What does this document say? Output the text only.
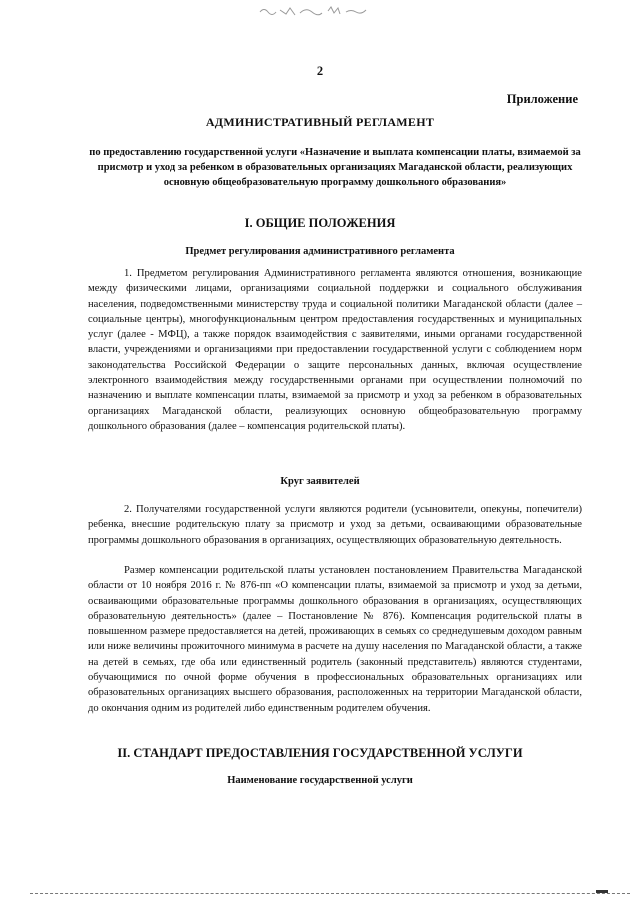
2
Приложение
АДМИНИСТРАТИВНЫЙ РЕГЛАМЕНТ
по предоставлению государственной услуги «Назначение и выплата компенсации платы, взимаемой за присмотр и уход за ребенком в образовательных организациях Магаданской области, реализующих основную общеобразовательную программу дошкольного образования»
I. ОБЩИЕ ПОЛОЖЕНИЯ
Предмет регулирования административного регламента

1. Предметом регулирования Административного регламента являются отношения, возникающие между физическими лицами, организациями социальной поддержки и социального обслуживания населения, подведомственными министерству труда и социальной политики Магаданской области (далее – социальные центры), многофункциональным центром предоставления государственных и муниципальных услуг (далее - МФЦ), а также порядок взаимодействия с заявителями, иными органами государственной власти, учреждениями и организациями при предоставлении государственной услуги с соблюдением норм законодательства Российской Федерации о защите персональных данных, включая осуществление электронного взаимодействия между государственными органами при осуществлении полномочий по назначению и выплате компенсации платы, взимаемой за присмотр и уход за ребенком в образовательных организациях Магаданской области, реализующих основную общеобразовательную программу дошкольного образования (далее – компенсация родительской платы).

Круг заявителей

2. Получателями государственной услуги являются родители (усыновители, опекуны, попечители) ребенка, внесшие родительскую плату за присмотр и уход за детьми, осваивающими образовательные программы дошкольного образования в организациях, осуществляющих образовательную деятельность.

Размер компенсации родительской платы установлен постановлением Правительства Магаданской области от 10 ноября 2016 г. № 876-пп «О компенсации платы, взимаемой за присмотр и уход за детьми, осваивающими образовательные программы дошкольного образования в организациях, осуществляющих образовательную деятельность» (далее – Постановление № 876). Компенсация родительской платы в повышенном размере предоставляется на детей, проживающих в семьях со среднедушевым доходом равным или ниже величины прожиточного минимума в расчете на душу населения по Магаданской области, а также на детей в семьях, где оба или единственный родитель (законный представитель) являются студентами, обучающимися по очной форме обучения в профессиональных образовательных организациях или образовательных организациях высшего образования, расположенных на территории Магаданской области, до окончания одним из родителей либо единственным родителем обучения.

II. СТАНДАРТ ПРЕДОСТАВЛЕНИЯ ГОСУДАРСТВЕННОЙ УСЛУГИ
Наименование государственной услуги
